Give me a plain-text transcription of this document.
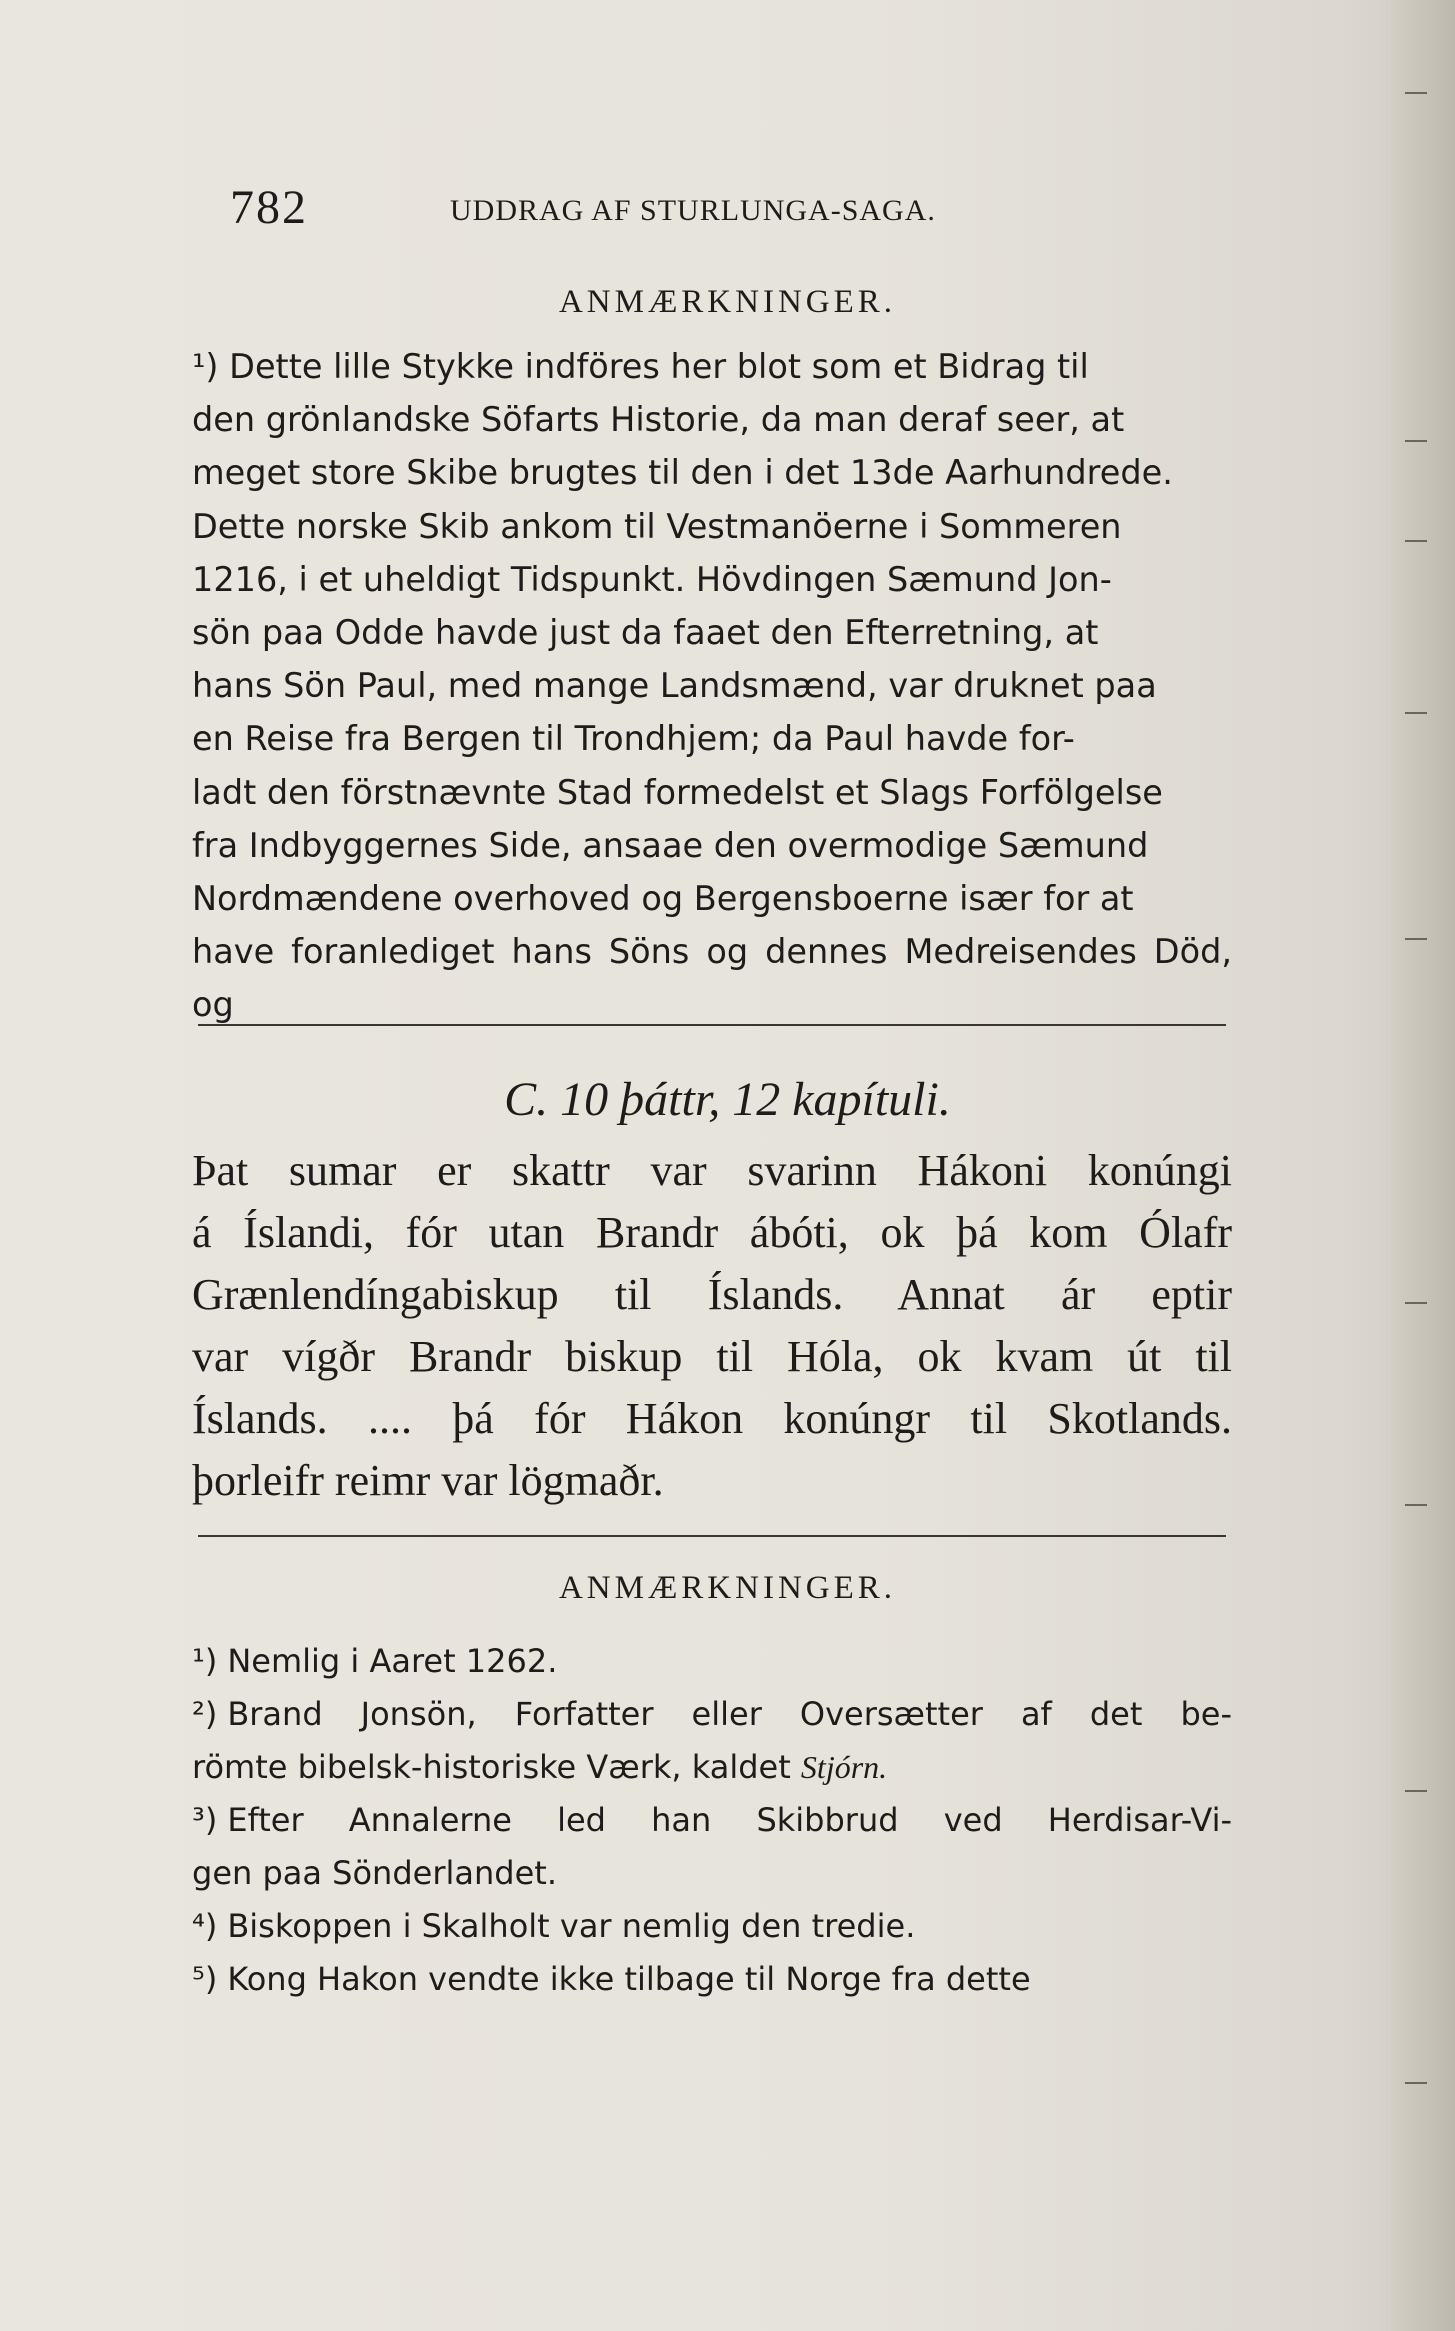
782	UDDRAG AF STURLUNGA-SAGA.
ANMÆRKNINGER.

¹) Dette lille Stykke indföres her blot som et Bidrag til

den grönlandske Söfarts Historie, da man deraf seer, at

meget store Skibe brugtes til den i det 13de Aarhundrede.

Dette norske Skib ankom til Vestmanöerne i Sommeren

1216, i et uheldigt Tidspunkt. Hövdingen Sæmund Jon-

sön paa Odde havde just da faaet den Efterretning, at

hans Sön Paul, med mange Landsmænd, var druknet paa

en Reise fra Bergen til Trondhjem; da Paul havde for-

ladt den förstnævnte Stad formedelst et Slags Forfölgelse

fra Indbyggernes Side, ansaae den overmodige Sæmund

Nordmændene overhoved og Bergensboerne især for at

have foranlediget hans Söns og dennes Medreisendes Död, og

C. 10 þáttr, 12 kapítuli.
Þat sumar er skattr var svarinn Hákoni konúngi
á Íslandi, fór utan Brandr ábóti, ok þá kom Ólafr
Grænlendíngabiskup til Íslands. Annat ár eptir
var vígðr Brandr biskup til Hóla, ok kvam út til
Íslands. .... þá fór Hákon konúngr til Skotlands.
þorleifr reimr var lögmaðr.
ANMÆRKNINGER.
¹) Nemlig i Aaret 1262.
²) Brand Jonsön, Forfatter eller Oversætter af det be-
römte bibelsk-historiske Værk, kaldet Stjórn.
³) Efter Annalerne led han Skibbrud ved Herdisar-Vi-
gen paa Sönderlandet.
⁴) Biskoppen i Skalholt var nemlig den tredie.
⁵) Kong Hakon vendte ikke tilbage til Norge fra dette
